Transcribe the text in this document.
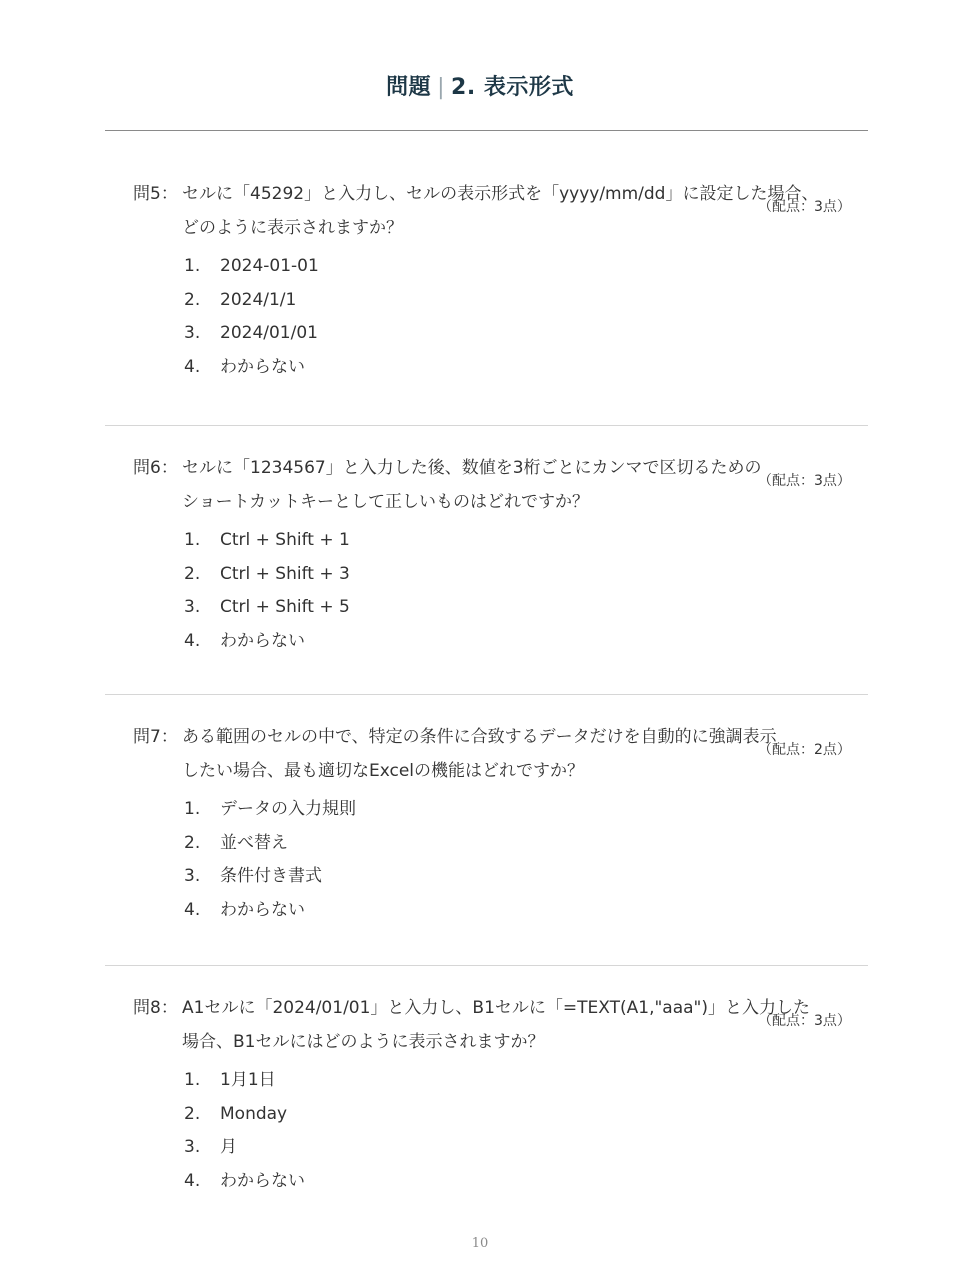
問題 | 2. 表示形式
問5： セルに「45292」と入力し、セルの表示形式を「yyyy/mm/dd」に設定した場合、
どのように表示されますか？
（配点：3点）
1. 2024-01-01
2. 2024/1/1
3. 2024/01/01
4. わからない
問6： セルに「1234567」と入力した後、数値を3桁ごとにカンマで区切るための
ショートカットキーとして正しいものはどれですか？
（配点：3点）
1. Ctrl + Shift + 1
2. Ctrl + Shift + 3
3. Ctrl + Shift + 5
4. わからない
問7： ある範囲のセルの中で、特定の条件に合致するデータだけを自動的に強調表示
したい場合、最も適切なExcelの機能はどれですか？
（配点：2点）
1. データの入力規則
2. 並べ替え
3. 条件付き書式
4. わからない
問8： A1セルに「2024/01/01」と入力し、B1セルに「=TEXT(A1,"aaa")」と入力した
場合、B1セルにはどのように表示されますか？
（配点：3点）
1. 1月1日
2. Monday
3. 月
4. わからない
10
